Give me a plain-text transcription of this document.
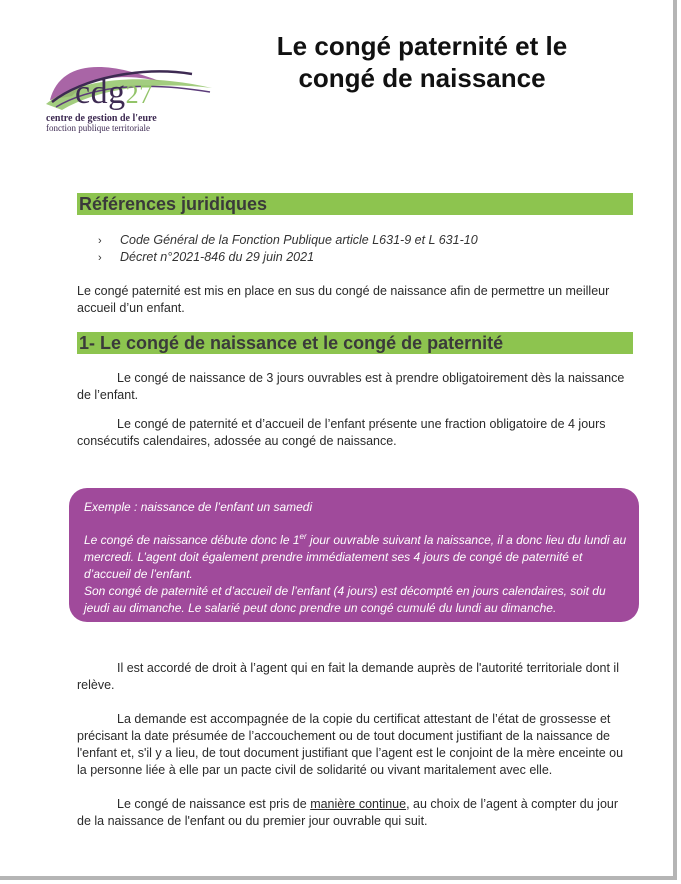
cdg27
centre de gestion de l'eure
fonction publique territoriale
Le congé paternité et le
congé de naissance
Références juridiques
› Code Général de la Fonction Publique article L631-9 et L 631-10
› Décret n°2021-846 du 29 juin 2021
Le congé paternité est mis en place en sus du congé de naissance afin de permettre un meilleur accueil d’un enfant.
1- Le congé de naissance et le congé de paternité
Le congé de naissance de 3 jours ouvrables est à prendre obligatoirement dès la naissance de l’enfant.
Le congé de paternité et d’accueil de l’enfant présente une fraction obligatoire de 4 jours consécutifs calendaires, adossée au congé de naissance.
Exemple : naissance de l’enfant un samedi
Le congé de naissance débute donc le 1er jour ouvrable suivant la naissance, il a donc lieu du lundi au mercredi. L’agent doit également prendre immédiatement ses 4 jours de congé de paternité et d’accueil de l’enfant.
Son congé de paternité et d’accueil de l’enfant (4 jours) est décompté en jours calendaires, soit du jeudi au dimanche. Le salarié peut donc prendre un congé cumulé du lundi au dimanche.
Il est accordé de droit à l’agent qui en fait la demande auprès de l'autorité territoriale dont il relève.
La demande est accompagnée de la copie du certificat attestant de l’état de grossesse et précisant la date présumée de l’accouchement ou de tout document justifiant de la naissance de l'enfant et, s'il y a lieu, de tout document justifiant que l’agent est le conjoint de la mère enceinte ou la personne liée à elle par un pacte civil de solidarité ou vivant maritalement avec elle.
Le congé de naissance est pris de manière continue, au choix de l’agent à compter du jour de la naissance de l'enfant ou du premier jour ouvrable qui suit.
